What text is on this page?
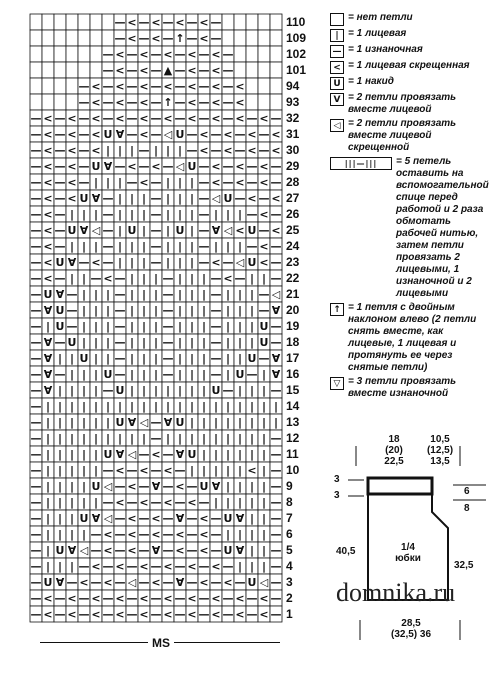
— < — < — < — < —
— < — < — ↑ — < —
— < — < — < — < — < —
— < — < — ▲ — < — < —
— < — < — < — < — < — < — <
— < — < — < — ↑ — < — < — <
— < — < — < — < — < — < — < — < — < — < —
— < — < — < U ∀ — < — ◁ U — < — < — < — <
— < — < — < | | | — | | | — < — < — < — <
— < — < — U ∀ — < — < — ◁ U — < — < — < —
— < — < — | | | — < — | | | — < — < — < —
— < — < U ∀ — | | | — | | | — ◁ U — < — <
— < — | | | — | | | — | | | — | | | — < —
— < — U ∀ ◁ — | U | — | U | — ∀ ◁ < U — <
— < — | | | — | | | — | | | — | | | — < —
— < U ∀ — < — | | | — | | | — < — ◁ U < —
— < — | | — < — | | | — | | | — < — | | —
— U ∀ — | | | — | | | — | | | — | | | — ◁
— ∀ U — | | | — | | | — | | | — | | | — ∀
— | U — | | | — | | | — | | | — | | | U —
— ∀ — U | | | — | | | — | | | — | | | U —
— ∀ | | U | | — | | | — | | | — | | U — ∀
— ∀ — | | | U — | | | — | | | — | U — | ∀
— ∀ | | | | — U | | | | | | | U — | | | —
— | | | | | | | | | | | | | | | | | | | |
— | | | | | | U ∀ ◁ — ∀ U | | | | | | | |
— | | | | | | | | | — | | | | | | | | | —
— | | | | | U ∀ ◁ — < — ∀ U | | | | | | —
— | | | | | — < — < — < — | | | | | < | —
— | | | | U ◁ — < — ∀ — < — U ∀ | | | | —
— | | | | | — < — < — < — < — | | | | | —
— | | | U ∀ ◁ — < — < — ∀ — < — U ∀ | | —
— | | | | — < — < — < — < — < — | | | | —
— | U ∀ ◁ — < — < — ∀ — < — < — U ∀ | | —
— | | | — < — < — < — < — < — < — | | | —
— U ∀ — < — < — ◁ — < — ∀ — < — < — U ◁ —
— < — < — < — < — < — < — < — < — < — < —
— < — < — < — < — < — < — < — < — < — < —
110
109
102
101
94
93
32
31
30
29
28
27
26
25
24
23
22
21
20
19
18
17
16
15
14
13
12
11
10
9
8
7
6
5
4
3
2
1
= нет петли
| = 1 лицевая
— = 1 изнаночная
< = 1 лицевая скрещенная
U = 1 накид
V = 2 петли провязать вместе лицевой
◁ = 2 петли провязать вместе лицевой скрещенной
|||—|||	= 5 петель оставить на вспомогательной спице перед работой и 2 раза обмотать рабочей нитью, затем петли провязать 2 лицевыми, 1 изнаночной и 2 лицевыми
↑ = 1 петля с двойным наклоном влево (2 петли снять вместе, как лицевые, 1 лицевая и протянуть ее через снятые петли)
▽ = 3 петли провязать вместе изнаночной
MS
18
(20)
22,5
10,5
(12,5)
13,5
3
3	6
8
40,5
32,5
1/4
юбки
28,5
(32,5) 36
domnika.ru
